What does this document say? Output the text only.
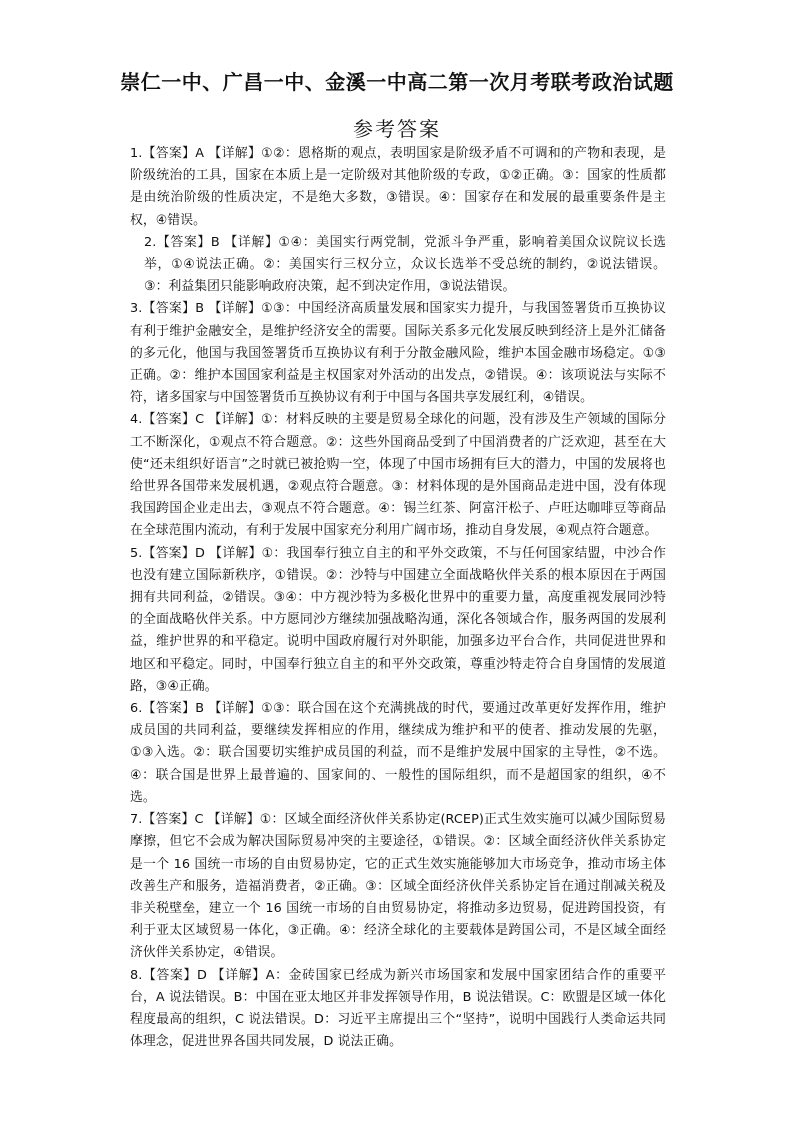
崇仁一中、广昌一中、金溪一中高二第一次月考联考政治试题
参考答案

1.【答案】A 【详解】①②：恩格斯的观点，表明国家是阶级矛盾不可调和的产物和表现，是阶级统治的工具，国家在本质上是一定阶级对其他阶级的专政，①②正确。③：国家的性质都是由统治阶级的性质决定，不是绝大多数，③错误。④：国家存在和发展的最重要条件是主权，④错误。

2.【答案】B 【详解】①④：美国实行两党制，党派斗争严重，影响着美国众议院议长选举，①④说法正确。②：美国实行三权分立，众议长选举不受总统的制约，②说法错误。③：利益集团只能影响政府决策，起不到决定作用，③说法错误。

3.【答案】B 【详解】①③：中国经济高质量发展和国家实力提升，与我国签署货币互换协议有利于维护金融安全，是维护经济安全的需要。国际关系多元化发展反映到经济上是外汇储备的多元化，他国与我国签署货币互换协议有利于分散金融风险，维护本国金融市场稳定。①③正确。②：维护本国国家利益是主权国家对外活动的出发点，②错误。④：该项说法与实际不符，诸多国家与中国签署货币互换协议有利于中国与各国共享发展红利，④错误。

4.【答案】C 【详解】①：材料反映的主要是贸易全球化的问题，没有涉及生产领域的国际分工不断深化，①观点不符合题意。②：这些外国商品受到了中国消费者的广泛欢迎，甚至在大使“还未组织好语言”之时就已被抢购一空，体现了中国市场拥有巨大的潜力，中国的发展将也给世界各国带来发展机遇，②观点符合题意。③：材料体现的是外国商品走进中国，没有体现我国跨国企业走出去，③观点不符合题意。④：锡兰红茶、阿富汗松子、卢旺达咖啡豆等商品在全球范围内流动，有利于发展中国家充分利用广阔市场，推动自身发展，④观点符合题意。

5.【答案】D 【详解】①：我国奉行独立自主的和平外交政策，不与任何国家结盟，中沙合作也没有建立国际新秩序，①错误。②：沙特与中国建立全面战略伙伴关系的根本原因在于两国拥有共同利益，②错误。③④：中方视沙特为多极化世界中的重要力量，高度重视发展同沙特的全面战略伙伴关系。中方愿同沙方继续加强战略沟通，深化各领域合作，服务两国的发展利益，维护世界的和平稳定。说明中国政府履行对外职能，加强多边平台合作，共同促进世界和地区和平稳定。同时，中国奉行独立自主的和平外交政策，尊重沙特走符合自身国情的发展道路，③④正确。

6.【答案】B 【详解】①③：联合国在这个充满挑战的时代，要通过改革更好发挥作用，维护成员国的共同利益，要继续发挥相应的作用，继续成为维护和平的使者、推动发展的先驱，①③入选。②：联合国要切实维护成员国的利益，而不是维护发展中国家的主导性，②不选。④：联合国是世界上最普遍的、国家间的、一般性的国际组织，而不是超国家的组织，④不选。

7.【答案】C 【详解】①：区域全面经济伙伴关系协定(RCEP)正式生效实施可以减少国际贸易摩擦，但它不会成为解决国际贸易冲突的主要途径，①错误。②：区域全面经济伙伴关系协定是一个 16 国统一市场的自由贸易协定，它的正式生效实施能够加大市场竞争，推动市场主体改善生产和服务，造福消费者，②正确。③：区域全面经济伙伴关系协定旨在通过削减关税及非关税壁垒，建立一个 16 国统一市场的自由贸易协定，将推动多边贸易，促进跨国投资，有利于亚太区域贸易一体化，③正确。④：经济全球化的主要载体是跨国公司，不是区域全面经济伙伴关系协定，④错误。

8.【答案】D 【详解】A：金砖国家已经成为新兴市场国家和发展中国家团结合作的重要平台，A 说法错误。B：中国在亚太地区并非发挥领导作用，B 说法错误。C：欧盟是区域一体化程度最高的组织，C 说法错误。D：习近平主席提出三个“坚持”，说明中国践行人类命运共同体理念，促进世界各国共同发展，D 说法正确。
